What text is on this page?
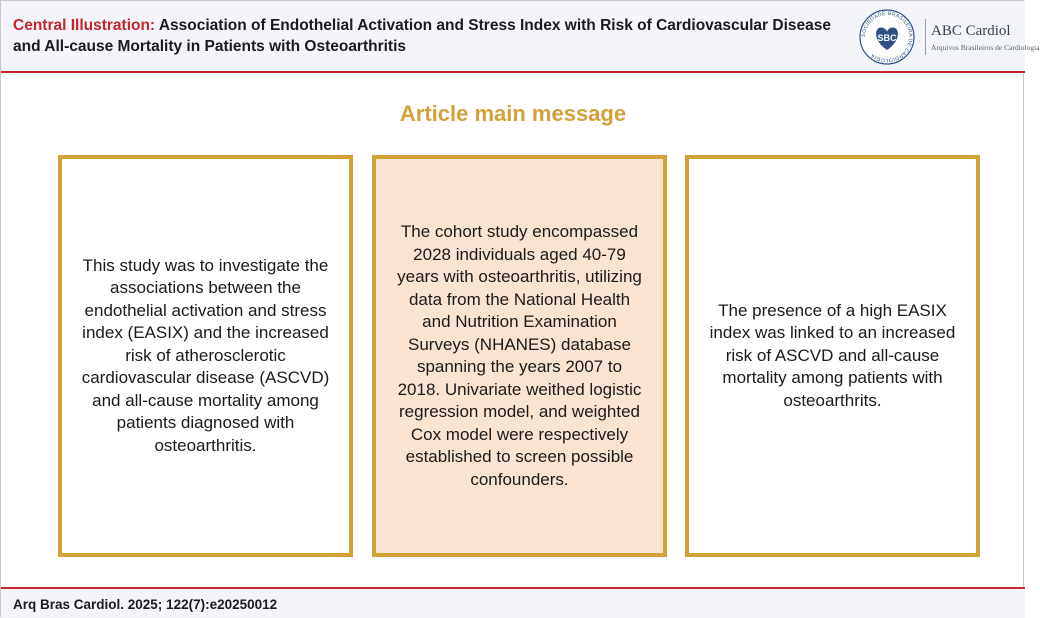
Central Illustration: Association of Endothelial Activation and Stress Index with Risk of Cardiovascular Disease and All-cause Mortality in Patients with Osteoarthritis
SOCIEDADE BRASILEIRA DE CARDIOLOGIA
SBC ABC Cardiol
Arquivos Brasileiros de Cardiologia
Article main message

This study was to investigate the associations between the endothelial activation and stress index (EASIX) and the increased risk of atherosclerotic cardiovascular disease (ASCVD) and all-cause mortality among patients diagnosed with osteoarthritis.

The cohort study encompassed 2028 individuals aged 40-79 years with osteoarthritis, utilizing data from the National Health and Nutrition Examination Surveys (NHANES) database spanning the years 2007 to 2018. Univariate weithed logistic regression model, and weighted Cox model were respectively established to screen possible confounders.

The presence of a high EASIX index was linked to an increased risk of ASCVD and all-cause mortality among patients with osteoarthrits.

Arq Bras Cardiol. 2025; 122(7):e20250012
